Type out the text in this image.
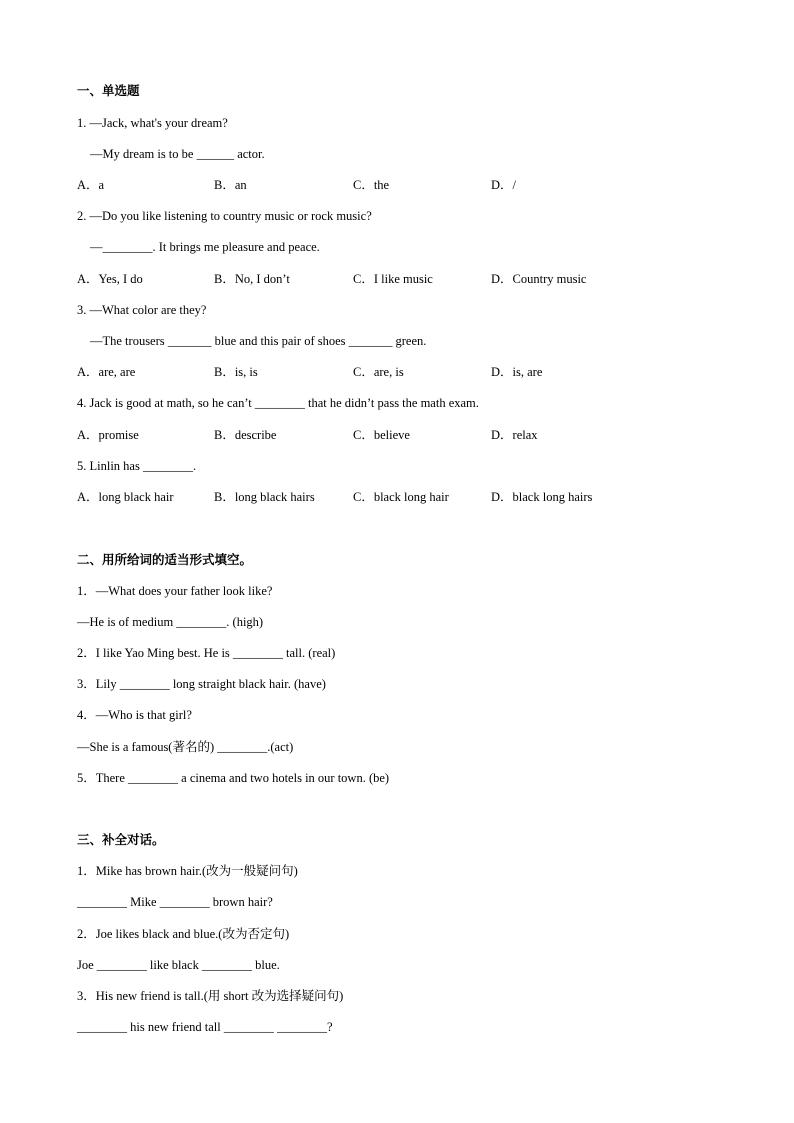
一、单选题
1. —Jack, what's your dream?
—My dream is to be ______ actor.
A．a	B．an	C．the	D．/
2. —Do you like listening to country music or rock music?
—________. It brings me pleasure and peace.
A．Yes, I do	B．No, I don’t	C．I like music	D．Country music
3. —What color are they?
—The trousers _______ blue and this pair of shoes _______ green.
A．are, are	B．is, is	C．are, is	D．is, are
4. Jack is good at math, so he can’t ________ that he didn’t pass the math exam.
A．promise	B．describe	C．believe	D．relax
5. Linlin has ________.
A．long black hair	B．long black hairs	C．black long hair	D．black long hairs
二、用所给词的适当形式填空。
1．—What does your father look like?
—He is of medium ________. (high)
2．I like Yao Ming best. He is ________ tall. (real)
3．Lily ________ long straight black hair. (have)
4．—Who is that girl?
—She is a famous(著名的) ________.(act)
5．There ________ a cinema and two hotels in our town. (be)
三、补全对话。
1．Mike has brown hair.(改为一般疑问句)
________ Mike ________ brown hair?
2．Joe likes black and blue.(改为否定句)
Joe ________ like black ________ blue.
3．His new friend is tall.(用 short 改为选择疑问句)
________ his new friend tall ________ ________?
